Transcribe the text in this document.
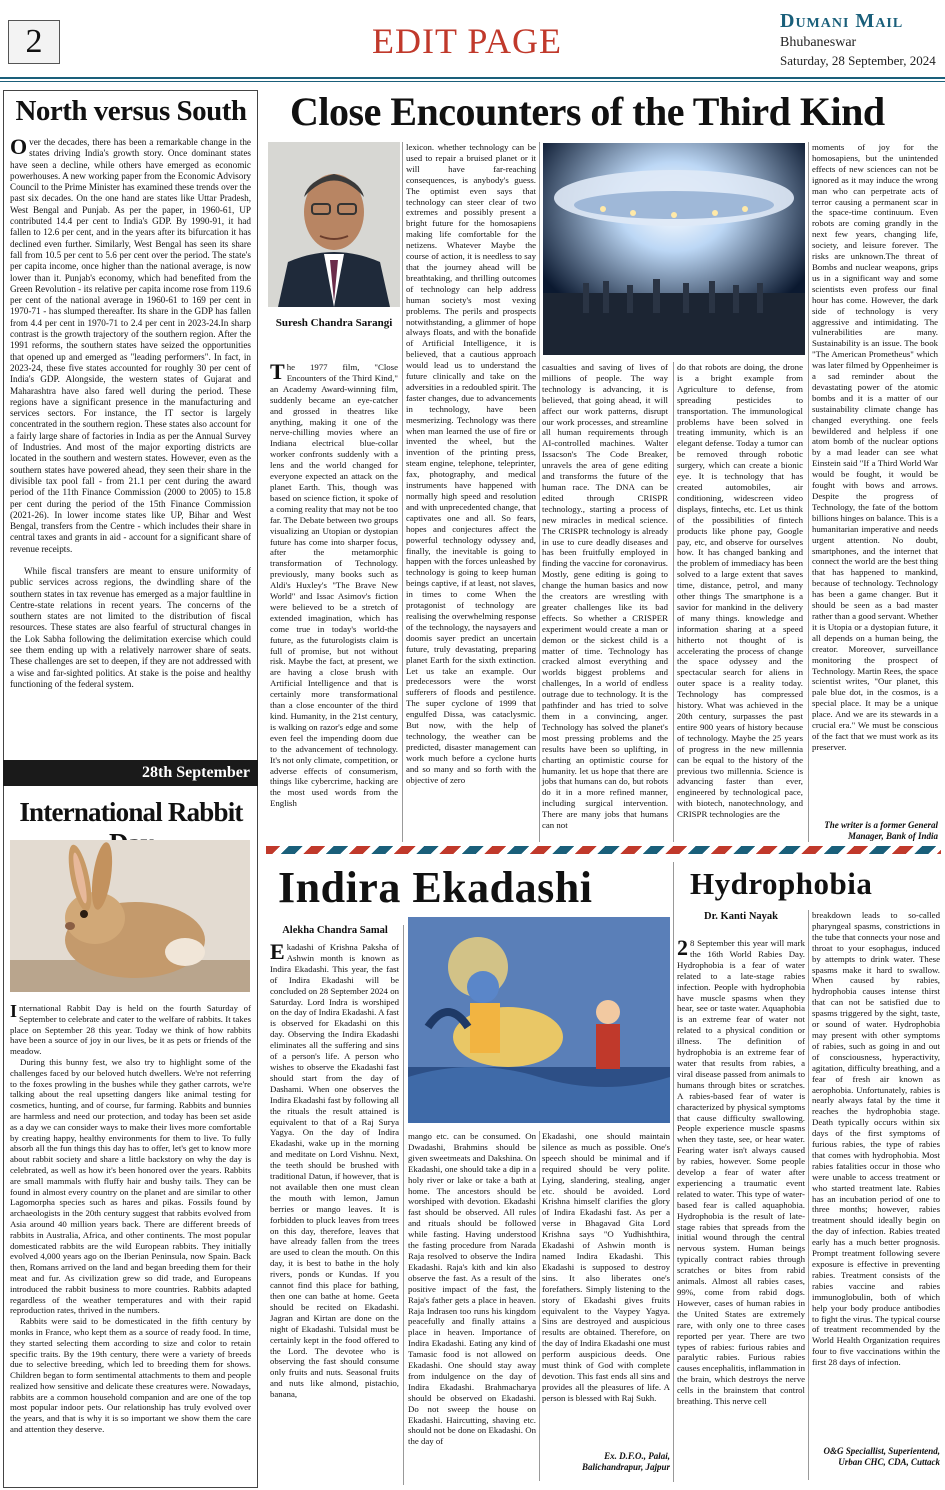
2	EDIT PAGE	Dumani Mail
Bhubaneswar
Saturday, 28 September, 2024
North versus South

Over the decades, there has been a remarkable change in the states driving India's growth story. Once dominant states have seen a decline, while others have emerged as economic powerhouses. A new working paper from the Economic Advisory Council to the Prime Minister has examined these trends over the past six decades. On the one hand are states like Uttar Pradesh, West Bengal and Punjab. As per the paper, in 1960-61, UP contributed 14.4 per cent to India's GDP. By 1990-91, it had fallen to 12.6 per cent, and in the years after its bifurcation it has declined even further. Similarly, West Bengal has seen its share fall from 10.5 per cent to 5.6 per cent over the period. The state's per capita income, once higher than the national average, is now lower than it. Punjab's economy, which had benefited from the Green Revolution - its relative per capita income rose from 119.6 per cent of the national average in 1960-61 to 169 per cent in 1970-71 - has slumped thereafter. Its share in the GDP has fallen from 4.4 per cent in 1970-71 to 2.4 per cent in 2023-24.In sharp contrast is the growth trajectory of the southern region. After the 1991 reforms, the southern states have seized the opportunities that opened up and emerged as "leading performers". In fact, in 2023-24, these five states accounted for roughly 30 per cent of India's GDP. Alongside, the western states of Gujarat and Maharashtra have also fared well during the period. These regions have a significant presence in the manufacturing and services sectors. For instance, the IT sector is largely concentrated in the southern region. These states also account for a fairly large share of factories in India as per the Annual Survey of Industries. And most of the major exporting districts are located in the southern and western states. However, even as the southern states have powered ahead, they seen their share in the divisible tax pool fall - from 21.1 per cent during the award period of the 11th Finance Commission (2000 to 2005) to 15.8 per cent during the period of the 15th Finance Commission (2021-26). In lower income states like UP, Bihar and West Bengal, transfers from the Centre - which includes their share in central taxes and grants in aid - account for a significant share of revenue receipts.

While fiscal transfers are meant to ensure uniformity of public services across regions, the dwindling share of the southern states in tax revenue has emerged as a major faultline in Centre-state relations in recent years. The concerns of the southern states are not limited to the distribution of fiscal resources. These states are also fearful of structural changes in the Lok Sabha following the delimitation exercise which could see them ending up with a relatively narrower share of seats. These challenges are set to deepen, if they are not addressed with a wise and far-sighted politics. At stake is the poise and healthy functioning of the federal system.

28th September
International Rabbit

International Rabbit Day is held on the fourth Saturday of September to celebrate and cater to the welfare of rabbits. It takes place on September 28 this year. Today we think of how rabbits have been a source of joy in our lives, be it as pets or friends of the meadow.

During this bunny fest, we also try to highlight some of the challenges faced by our beloved hutch dwellers. We're not referring to the foxes prowling in the bushes while they gather carrots, we're talking about the real upsetting dangers like animal testing for cosmetics, hunting, and of course, fur farming. Rabbits and bunnies are harmless and need our protection, and today has been set aside as a day we can consider ways to make their lives more comfortable by creating happy, healthy environments for them to live. To fully absorb all the fun things this day has to offer, let's get to know more about rabbit society and share a little backstory on why the day is celebrated, as well as how it's been honored over the years. Rabbits are small mammals with fluffy hair and bushy tails. They can be found in almost every country on the planet and are similar to other Lagomorpha species such as hares and pikas. Fossils found by archaeologists in the 20th century suggest that rabbits evolved from Asia around 40 million years back. There are different breeds of rabbits in Australia, Africa, and other continents. The most popular domesticated rabbits are the wild European rabbits. They initially evolved 4,000 years ago on the Iberian Peninsula, now Spain. Back then, Romans arrived on the land and began breeding them for their meat and fur. As civilization grew so did trade, and Europeans introduced the rabbit business to more countries. Rabbits adapted regardless of the weather temperatures and with their rapid reproduction rates, thrived in the numbers.

Rabbits were said to be domesticated in the fifth century by monks in France, who kept them as a source of ready food. In time, they started selecting them according to size and color to retain specific traits. By the 19th century, there were a variety of breeds due to selective breeding, which led to breeding them for shows. Children began to form sentimental attachments to them and people realized how sensitive and delicate these creatures were. Nowadays, rabbits are a common household companion and are one of the top most popular indoor pets. Our relationship has truly evolved over the years, and that is why it is so important we show them the care and attention they deserve.

Close Encounters of the Third Kind
Suresh Chandra Sarangi
The 1977 film, "Close Encounters of the Third Kind," an Academy Award-winning film, suddenly became an eye-catcher and grossed in theatres like anything, making it one of the nerve-chilling movies where an Indiana electrical blue-collar worker confronts suddenly with a lens and the world changed for everyone expected an attack on the planet Earth. This, though was based on science fiction, it spoke of a coming reality that may not be too far. The Debate between two groups visualizing an Utopian or dystopian future has come into sharper focus, after the metamorphic transformation of Technology. previously, many books such as Aldi's Huxley's "The Brave New World" and Issac Asimov's fiction were believed to be a stretch of extended imagination, which has come true in today's world-the future, as the futurologists claim is full of promise, but not without risk. Maybe the fact, at present, we are having a close brush with Artificial Intelligence and that is certainly more transformational than a close encounter of the third kind. Humanity, in the 21st century, is walking on razor's edge and some even feel the impending doom due to the advancement of technology. It's not only climate, competition, or adverse effects of consumerism, things like cybercrime, hacking are the most used words from the English
lexicon. whether technology can be used to repair a bruised planet or it will have far-reaching consequences, is anybody's guess. The optimist even says that technology can steer clear of two extremes and possibly present a bright future for the homosapiens making life comfortable for the netizens. Whatever Maybe the course of action, it is needless to say that the journey ahead will be breathtaking, and thrilling outcomes of technology can help address human society's most vexing problems. The perils and prospects notwithstanding, a glimmer of hope always floats, and with the bonafide of Artificial Intelligence, it is believed, that a cautious approach would lead us to understand the future clinically and take on the adversities in a redoubled spirit. The faster changes, due to advancements in technology, have been mesmerizing. Technology was there when man learned the use of fire or invented the wheel, but the invention of the printing press, steam engine, telephone, teleprinter, fax, photography, and medical instruments have happened with normally high speed and resolution and with unprecedented change, that captivates one and all. So fears, hopes and conjectures affect the powerful technology odyssey and, finally, the inevitable is going to happen with the forces unleashed by technology is going to keep human beings captive, if at least, not slaves, in times to come When the protagonist of technology are realising the overwhelming response of the technology, the naysayers and doomis sayer predict an uncertain future, truly devastating, preparing planet Earth for the sixth extinction. Let us take an example. Our predecessors were the worst sufferers of floods and pestilence. The super cyclone of 1999 that engulfed Dissa, was cataclysmic. But now, with the help of technology, the weather can be predicted, disaster management can work much before a cyclone hurts and so many and so forth with the objective of zero
casualties and saving of lives of millions of people. The way technology is advancing, it is believed, that going ahead, it will affect our work patterns, disrupt our work processes, and streamline all human requirements through AI-controlled machines. Walter Issacson's The Code Breaker, unravels the area of gene editing and transforms the future of the human race. The DNA can be edited through CRISPR technology., starting a process of new miracles in medical science. The CRISPR technology is already in use to cure deadly diseases and has been fruitfully employed in finding the vaccine for coronavirus. Mostly, gene editing is going to change the human basics and now the creators are wrestling with greater challenges like its bad effects. So whether a CRISPER experiment would create a man or demon or the sickest child is a matter of time. Technology has cracked almost everything and worlds biggest problems and challenges, In a world of endless outrage due to technology. It is the pathfinder and has tried to solve them in a convincing, anger. Technology has solved the planet's most pressing problems and the results have been so uplifting, in charting an optimistic course for humanity. let us hope that there are jobs that humans can do, but robots do it in a more refined manner, including surgical intervention. There are many jobs that humans can not
do that robots are doing, the drone is a bright example from Agriculture to defense, from spreading pesticides to transportation. The immunological problems have been solved in treating immunity, which is an elegant defense. Today a tumor can be removed through robotic surgery, which can create a bionic eye. It is technology that has created automobiles, air conditioning, widescreen video displays, fintechs, etc. Let us think of the possibilities of fintech products like phone pay, Google pay, etc, and observe for ourselves how. It has changed banking and the problem of immediacy has been solved to a large extent that saves time, distance, petrol, and many other things The smartphone is a savior for mankind in the delivery of many things. knowledge and information sharing at a speed hitherto not thought of is accelerating the process of change the space odyssey and the spectacular search for aliens in outer space is a reality today. Technology has compressed history. What was achieved in the 20th century, surpasses the past entire 900 years of history because of technology. Maybe the 25 years of progress in the new millennia can be equal to the history of the previous two millennia. Science is advancing faster than ever, engineered by technological pace, with biotech, nanotechnology, and CRISPR technologies are the
moments of joy for the homosapiens, but the unintended effects of new sciences can not be ignored as it may induce the wrong man who can perpetrate acts of terror causing a permanent scar in the space-time continuum. Even robots are coming grandly in the next few years, changing life, society, and leisure forever. The risks are unknown.The threat of Bombs and nuclear weapons, grips us in a significant way and some scientists even profess our final hour has come. However, the dark side of technology is very aggressive and intimidating. The vulnerabilities are many. Sustainability is an issue. The book "The American Prometheus" which was later filmed by Oppenheimer is a sad reminder about the devastating power of the atomic bombs and it is a matter of our sustainability climate change has changed everything. one feels bewildered and helpless if one atom bomb of the nuclear options by a mad leader can see what Einstein said "If a Third World War would be fought, it would be fought with bows and arrows. Despite the progress of Technology, the fate of the bottom billions hinges on balance. This is a humanitarian imperative and needs urgent attention. No doubt, smartphones, and the internet that connect the world are the best thing that has happened to mankind, because of technology. Technology has been a game changer. But it should be seen as a bad master rather than a good servant. Whether it is Utopia or a dystopian future, it all depends on a human being, the creator. Moreover, surveillance monitoring the prospect of Technology. Martin Rees, the space scientist writes, "Our planet, this pale blue dot, in the cosmos, is a special place. It may be a unique place. And we are its stewards in a crucial era." We must be conscious of the fact that we must work as its preserver.
The writer is a former General Manager, Bank of India
Indira Ekadashi
Alekha Chandra Samal
Ekadashi of Krishna Paksha of Ashwin month is known as Indira Ekadashi. This year, the fast of Indira Ekadashi will be concluded on 28 September 2024 on Saturday. Lord Indra is worshiped on the day of Indira Ekadashi. A fast is observed for Ekadashi on this day. Observing the Indira Ekadashi eliminates all the suffering and sins of a person's life. A person who wishes to observe the Ekadashi fast should start from the day of Dashami. When one observes the Indira Ekadashi fast by following all the rituals the result attained is equivalent to that of a Raj Surya Yagya. On the day of Indira Ekadashi, wake up in the morning and meditate on Lord Vishnu. Next, the teeth should be brushed with traditional Datun, if however, that is not available then one must clean the mouth with lemon, Jamun berries or mango leaves. It is forbidden to pluck leaves from trees on this day, therefore, leaves that have already fallen from the trees are used to clean the mouth. On this day, it is best to bathe in the holy rivers, ponds or Kundas. If you cannot find this place for bathing, then one can bathe at home. Geeta should be recited on Ekadashi. Jagran and Kirtan are done on the night of Ekadashi. Tulsidal must be certainly kept in the food offered to the Lord. The devotee who is observing the fast should consume only fruits and nuts. Seasonal fruits and nuts like almond, pistachio, banana,
mango etc. can be consumed. On Dwadashi, Brahmins should be given sweetmeats and Dakshina. On Ekadashi, one should take a dip in a holy river or lake or take a bath at home. The ancestors should be worshiped with devotion. Ekadashi fast should be observed. All rules and rituals should be followed while fasting. Having understood the fasting procedure from Narada Raja resolved to observe the Indira Ekadashi. Raja's kith and kin also observe the fast. As a result of the positive impact of the fast, the Raja's father gets a place in heaven. Raja Indrasen too runs his kingdom peacefully and finally attains a place in heaven. Importance of Indira Ekadashi. Eating any kind of Tamasic food is not allowed on Ekadashi. One should stay away from indulgence on the day of Indira Ekadashi. Brahmacharya should be observed on Ekadashi. Do not sweep the house on Ekadashi. Haircutting, shaving etc. should not be done on Ekadashi. On the day of
Ekadashi, one should maintain silence as much as possible. One's speech should be minimal and if required should be very polite. Lying, slandering, stealing, anger etc. should be avoided. Lord Krishna himself clarifies the glory of Indira Ekadashi fast. As per a verse in Bhagavad Gita Lord Krishna says "O Yudhishthira, Ekadashi of Ashwin month is named Indira Ekadashi. This Ekadashi is supposed to destroy sins. It also liberates one's forefathers. Simply listening to the story of Ekadashi gives fruits equivalent to the Vaypey Yagya. Sins are destroyed and auspicious results are obtained. Therefore, on the day of Indira Ekadashi one must perform auspicious deeds. One must think of God with complete devotion. This fast ends all sins and provides all the pleasures of life. A person is blessed with Raj Sukh.
Ex. D.F.O., Palai, Balichandrapur, Jajpur
Hydrophobia
Dr. Kanti Nayak
2 8 September this year will mark the 16th World Rabies Day. Hydrophobia is a fear of water related to a late-stage rabies infection. People with hydrophobia have muscle spasms when they hear, see or taste water. Aquaphobia is an extreme fear of water not related to a physical condition or illness. The definition of hydrophobia is an extreme fear of water that results from rabies, a viral disease passed from animals to humans through bites or scratches. A rabies-based fear of water is characterized by physical symptoms that cause difficulty swallowing. People experience muscle spasms when they taste, see, or hear water. Fearing water isn't always caused by rabies, however. Some people develop a fear of water after experiencing a traumatic event related to water. This type of water-based fear is called aquaphobia. Hydrophobia is the result of late-stage rabies that spreads from the initial wound through the central nervous system. Human beings typically contract rabies through scratches or bites from rabid animals. Almost all rabies cases, 99%, come from rabid dogs. However, cases of human rabies in the United States are extremely rare, with only one to three cases reported per year. There are two types of rabies: furious rabies and paralytic rabies. Furious rabies causes encephalitis, inflammation in the brain, which destroys the nerve cells in the brainstem that control breathing. This nerve cell
breakdown leads to so-called pharyngeal spasms, constrictions in the tube that connects your nose and throat to your esophagus, induced by attempts to drink water. These spasms make it hard to swallow. When caused by rabies, hydrophobia causes intense thirst that can not be satisfied due to spasms triggered by the sight, taste, or sound of water. Hydrophobia may present with other symptoms of rabies, such as going in and out of consciousness, hyperactivity, agitation, difficulty breathing, and a fear of fresh air known as aerophobia. Unfortunately, rabies is nearly always fatal by the time it reaches the hydrophobia stage. Death typically occurs within six days of the first symptoms of furious rabies, the type of rabies that comes with hydrophobia. Most rabies fatalities occur in those who were unable to access treatment or who started treatment late. Rabies has an incubation period of one to three months; however, rabies treatment should ideally begin on the day of infection. Rabies treated early has a much better prognosis. Prompt treatment following severe exposure is effective in preventing rabies. Treatment consists of the rabies vaccine and rabies immunoglobulin, both of which help your body produce antibodies to fight the virus. The typical course of treatment recommended by the World Health Organization requires four to five vaccinations within the first 28 days of infection.
O&G Speciallist, Superientend, Urban CHC, CDA, Cuttack
